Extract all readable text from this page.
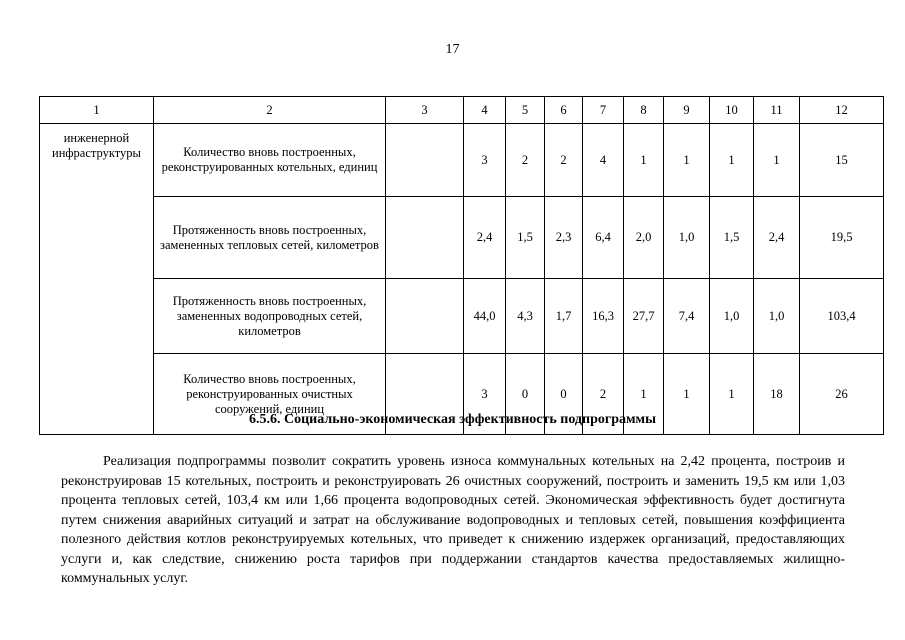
17
1	2	3	4	5	6	7	8	9	10	11	12
инженерной инфраструктуры	Количество вновь построенных, реконструированных котельных, единиц		3	2	2	4	1	1	1	1	15
	Протяженность вновь построенных, замененных тепловых сетей, километров		2,4	1,5	2,3	6,4	2,0	1,0	1,5	2,4	19,5
	Протяженность вновь построенных, замененных водопроводных сетей, километров		44,0	4,3	1,7	16,3	27,7	7,4	1,0	1,0	103,4
	Количество вновь построенных, реконструированных очистных сооружений, единиц		3	0	0	2	1	1	1	18	26
6.5.6. Социально-экономическая эффективность подпрограммы

Реализация подпрограммы позволит сократить уровень износа коммунальных котельных на 2,42 процента, построив и реконструировав 15 котельных, построить и реконструировать 26 очистных сооружений, построить и заменить 19,5 км или 1,03 процента тепловых сетей, 103,4 км или 1,66 процента водопроводных сетей. Экономическая эффективность будет достигнута путем снижения аварийных ситуаций и затрат на обслуживание водопроводных и тепловых сетей, повышения коэффициента полезного действия котлов реконструируемых котельных, что приведет к снижению издержек организаций, предоставляющих услуги и, как следствие, снижению роста тарифов при поддержании стандартов качества предоставляемых жилищно-коммунальных услуг.
